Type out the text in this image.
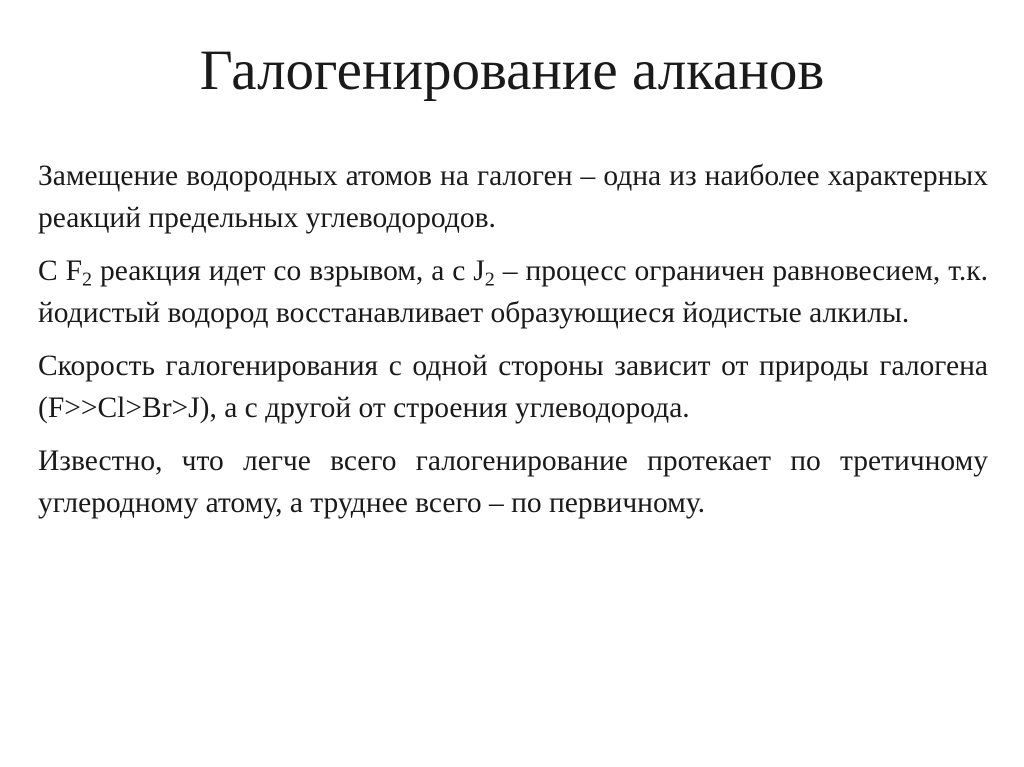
Галогенирование алканов

Замещение водородных атомов на галоген – одна из наиболее характерных реакций предельных углеводородов.

С $F_2$ реакция идет со взрывом, а с $J_2$ – процесс ограничен равновесием, т.к. йодистый водород восстанавливает образующиеся йодистые алкилы.

Скорость галогенирования с одной стороны зависит от природы галогена (F>>Cl>Br>J), а с другой от строения углеводорода.

Известно, что легче всего галогенирование протекает по третичному углеродному атому, а труднее всего – по первичному.
